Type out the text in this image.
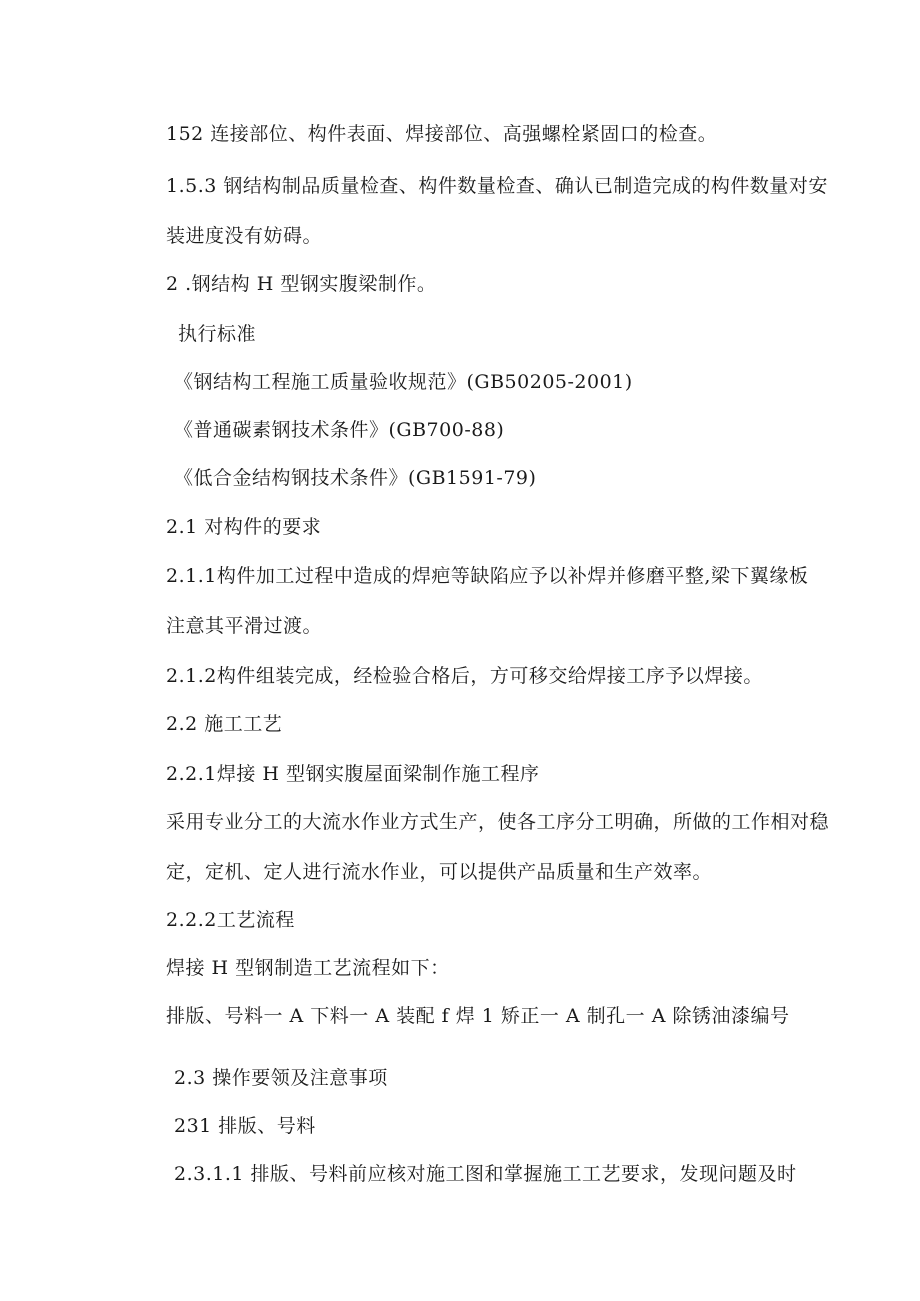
152 连接部位、构件表面、焊接部位、高强螺栓紧固口的检查。
1.5.3 钢结构制品质量检查、构件数量检查、确认已制造完成的构件数量对安
装进度没有妨碍。
2 .钢结构 H 型钢实腹梁制作。
执行标准
《钢结构工程施工质量验收规范》(GB50205-2001)
《普通碳素钢技术条件》(GB700-88)
《低合金结构钢技术条件》(GB1591-79)
2.1 对构件的要求
2.1.1构件加工过程中造成的焊疤等缺陷应予以补焊并修磨平整,梁下翼缘板
注意其平滑过渡。
2.1.2构件组装完成，经检验合格后，方可移交给焊接工序予以焊接。
2.2 施工工艺
2.2.1焊接 H 型钢实腹屋面梁制作施工程序
采用专业分工的大流水作业方式生产，使各工序分工明确，所做的工作相对稳
定，定机、定人进行流水作业，可以提供产品质量和生产效率。
2.2.2工艺流程
焊接 H 型钢制造工艺流程如下：
排版、号料一 A 下料一 A 装配 f 焊 1 矫正一 A 制孔一 A 除锈油漆编号
2.3 操作要领及注意事项
231 排版、号料
2.3.1.1 排版、号料前应核对施工图和掌握施工工艺要求，发现问题及时
